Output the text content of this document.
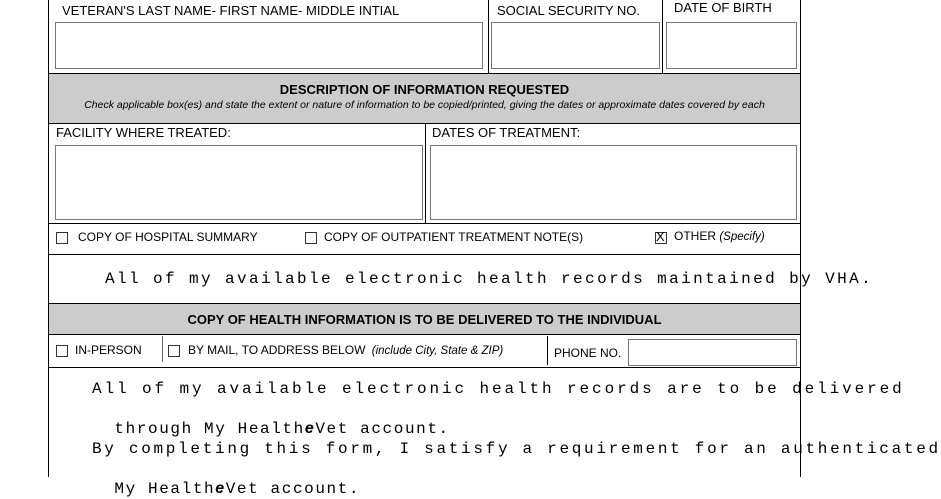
VETERAN'S LAST NAME- FIRST NAME- MIDDLE INTIAL	SOCIAL SECURITY NO.	DATE OF BIRTH
DESCRIPTION OF INFORMATION REQUESTED
Check applicable box(es) and state the extent or nature of information to be copied/printed, giving the dates or approximate dates covered by each
FACILITY WHERE TREATED:	DATES OF TREATMENT:
COPY OF HOSPITAL SUMMARY	COPY OF OUTPATIENT TREATMENT NOTE(S)	X OTHER (Specify)
All of my available electronic health records maintained by VHA.
COPY OF HEALTH INFORMATION IS TO BE DELIVERED TO THE INDIVIDUAL
IN-PERSON	BY MAIL, TO ADDRESS BELOW (include City, State & ZIP)	PHONE NO.
All of my available electronic health records are to be delivered

through My HealtheVet account.

By completing this form, I satisfy a requirement for an authenticated

My HealtheVet account.
